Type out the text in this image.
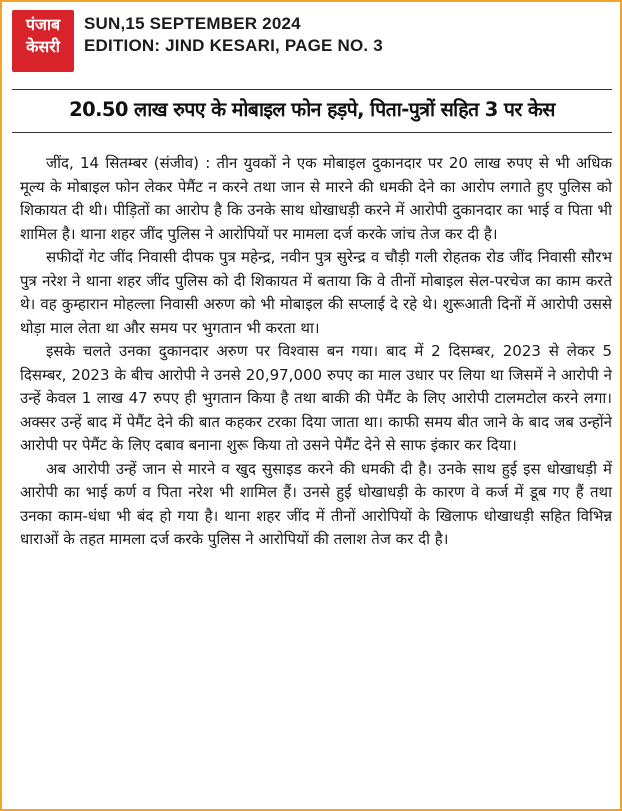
पंजाब
केसरी
SUN,15 SEPTEMBER 2024
EDITION: JIND KESARI, PAGE NO. 3
20.50 लाख रुपए के मोबाइल फोन हड़पे, पिता-पुत्रों सहित 3 पर केस

जींद, 14 सितम्बर (संजीव) : तीन युवकों ने एक मोबाइल दुकानदार पर 20 लाख रुपए से भी अधिक मूल्य के मोबाइल फोन लेकर पेमैंट न करने तथा जान से मारने की धमकी देने का आरोप लगाते हुए पुलिस को शिकायत दी थी। पीड़ितों का आरोप है कि उनके साथ धोखाधड़ी करने में आरोपी दुकानदार का भाई व पिता भी शामिल है। थाना शहर जींद पुलिस ने आरोपियों पर मामला दर्ज करके जांच तेज कर दी है।

सफीदों गेट जींद निवासी दीपक पुत्र महेन्द्र, नवीन पुत्र सुरेन्द्र व चौड़ी गली रोहतक रोड जींद निवासी सौरभ पुत्र नरेश ने थाना शहर जींद पुलिस को दी शिकायत में बताया कि वे तीनों मोबाइल सेल-परचेज का काम करते थे। वह कुम्हारान मोहल्ला निवासी अरुण को भी मोबाइल की सप्लाई दे रहे थे। शुरूआती दिनों में आरोपी उससे थोड़ा माल लेता था और समय पर भुगतान भी करता था।

इसके चलते उनका दुकानदार अरुण पर विश्वास बन गया। बाद में 2 दिसम्बर, 2023 से लेकर 5 दिसम्बर, 2023 के बीच आरोपी ने उनसे 20,97,000 रुपए का माल उधार पर लिया था जिसमें ने आरोपी ने उन्हें केवल 1 लाख 47 रुपए ही भुगतान किया है तथा बाकी की पेमैंट के लिए आरोपी टालमटोल करने लगा। अक्सर उन्हें बाद में पेमैंट देने की बात कहकर टरका दिया जाता था। काफी समय बीत जाने के बाद जब उन्होंने आरोपी पर पेमैंट के लिए दबाव बनाना शुरू किया तो उसने पेमैंट देने से साफ इंकार कर दिया।

अब आरोपी उन्हें जान से मारने व खुद सुसाइड करने की धमकी दी है। उनके साथ हुई इस धोखाधड़ी में आरोपी का भाई कर्ण व पिता नरेश भी शामिल हैं। उनसे हुई धोखाधड़ी के कारण वे कर्ज में डूब गए हैं तथा उनका काम-धंधा भी बंद हो गया है। थाना शहर जींद में तीनों आरोपियों के खिलाफ धोखाधड़ी सहित विभिन्न धाराओं के तहत मामला दर्ज करके पुलिस ने आरोपियों की तलाश तेज कर दी है।
